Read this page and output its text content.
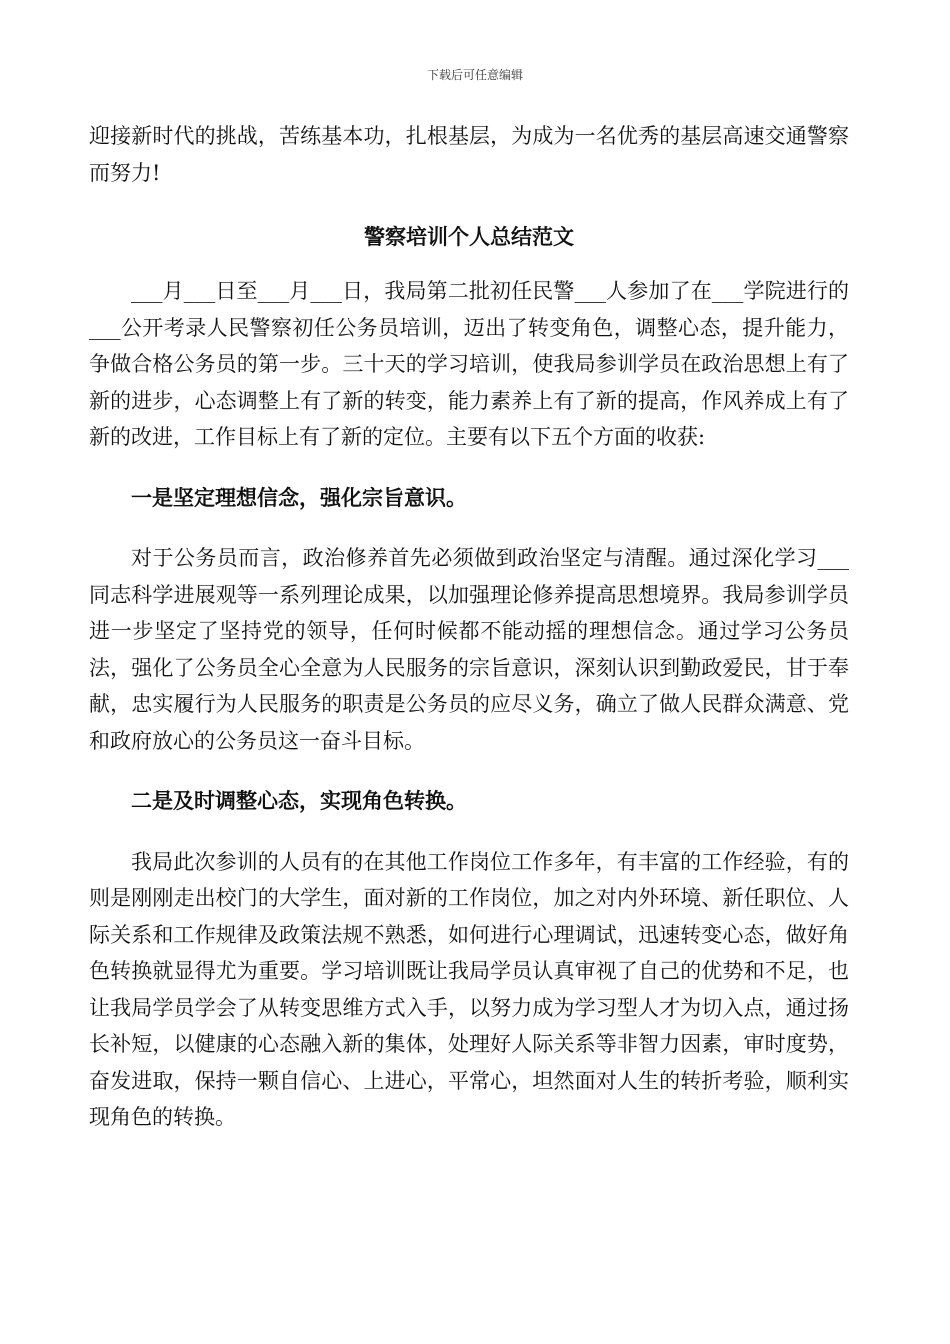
下载后可任意编辑

迎接新时代的挑战，苦练基本功，扎根基层，为成为一名优秀的基层高速交通警察而努力!

警察培训个人总结范文

___月___日至___月___日，我局第二批初任民警___人参加了在___学院进行的___公开考录人民警察初任公务员培训，迈出了转变角色，调整心态，提升能力，争做合格公务员的第一步。三十天的学习培训，使我局参训学员在政治思想上有了新的进步，心态调整上有了新的转变，能力素养上有了新的提高，作风养成上有了新的改进，工作目标上有了新的定位。主要有以下五个方面的收获:

一是坚定理想信念，强化宗旨意识。

对于公务员而言，政治修养首先必须做到政治坚定与清醒。通过深化学习___同志科学进展观等一系列理论成果，以加强理论修养提高思想境界。我局参训学员进一步坚定了坚持党的领导，任何时候都不能动摇的理想信念。通过学习公务员法，强化了公务员全心全意为人民服务的宗旨意识，深刻认识到勤政爱民，甘于奉献，忠实履行为人民服务的职责是公务员的应尽义务，确立了做人民群众满意、党和政府放心的公务员这一奋斗目标。

二是及时调整心态，实现角色转换。

我局此次参训的人员有的在其他工作岗位工作多年，有丰富的工作经验，有的则是刚刚走出校门的大学生，面对新的工作岗位，加之对内外环境、新任职位、人际关系和工作规律及政策法规不熟悉，如何进行心理调试，迅速转变心态，做好角色转换就显得尤为重要。学习培训既让我局学员认真审视了自己的优势和不足，也让我局学员学会了从转变思维方式入手，以努力成为学习型人才为切入点，通过扬长补短，以健康的心态融入新的集体，处理好人际关系等非智力因素，审时度势，奋发进取，保持一颗自信心、上进心，平常心，坦然面对人生的转折考验，顺利实现角色的转换。
